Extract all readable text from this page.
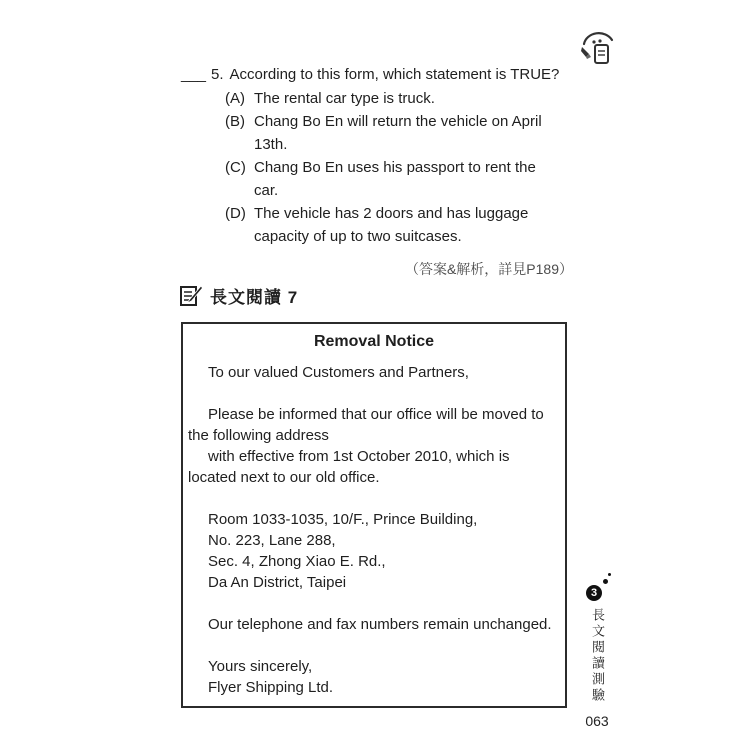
___ 5. According to this form, which statement is TRUE?
(A) The rental car type is truck.
(B) Chang Bo En will return the vehicle on April
13th.
(C) Chang Bo En uses his passport to rent the
car.
(D) The vehicle has 2 doors and has luggage
capacity of up to two suitcases.
（答案&解析，詳見P189）
長文閱讀 7
Removal Notice
To our valued Customers and Partners,
Please be informed that our office will be moved to
the following address
with effective from 1st October 2010, which is
located next to our old office.
Room 1033-1035, 10/F., Prince Building,
No. 223, Lane 288,
Sec. 4, Zhong Xiao E. Rd.,
Da An District, Taipei
Our telephone and fax numbers remain unchanged.
Yours sincerely,
Flyer Shipping Ltd.
3
長文閱讀測驗
063
